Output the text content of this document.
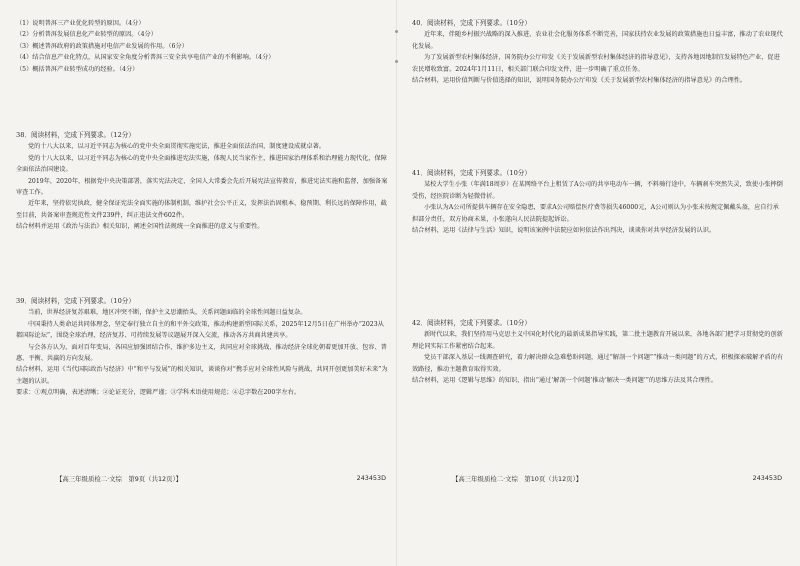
（1）说明普洱三产业优化转型的原因。（4分）

（2）分析普洱发展信息化产业转型的原因。（4分）

（3）概述普洱政府的政策措施对电信产业发展的作用。（6分）

（4）结合信息产业化特点，从国家安全角度分析普洱三安全共享电信产业的不利影响。（4分）

（5）概括普洱产业转型成功的经验。（4分）

38．阅读材料，完成下列要求。（12分）

党的十八大以来，以习近平同志为核心的党中央全面贯彻实施宪法，推进全面依法治国，制度建设成就卓著。

党的十八大以来，以习近平同志为核心的党中央全面推进宪法实施，体现人民当家作主，推进国家治理体系和治理能力现代化，保障全面依法治国建设。

2019年，2020年，根据党中央决策部署，落实宪法决定，全国人大常委会先后开展宪法宣传教育，推进宪法实施和监督，加强备案审查工作。

近年来，坚持依宪执政，健全保证宪法全面实施的体制机制，维护社会公平正义，发挥法治固根本、稳预期、利长远的保障作用，截至目前，共备案审查规范性文件239件，纠正违法文件602件。

结合材料并运用《政治与法治》相关知识，阐述全国性法规统一全面推进的意义与重要性。

39．阅读材料，完成下列要求。（10分）

当前，世界经济复苏艰难，地区冲突不断，保护主义思潮抬头，关系问题面临的全球性问题日益复杂。

中国秉持人类命运共同体理念，坚定奉行独立自主的和平外交政策，推动构建新型国际关系，2025年12月5日在广州举办“2023从都国际论坛”，围绕全球治理、经济复苏、可持续发展等议题展开深入交流，推动各方共商共建共享。

与会各方认为，面对百年变局，各国应加强团结合作，维护多边主义，共同应对全球挑战，推动经济全球化朝着更加开放、包容、普惠、平衡、共赢的方向发展。

结合材料，运用《当代国际政治与经济》中“和平与发展”的相关知识，谈谈你对“携手应对全球性风险与挑战，共同开创更加美好未来”为主题的认识。

要求：①观点明确，表述清晰；②论证充分，逻辑严谨；③学科术语使用规范；④总字数在200字左右。

【高三年级质检二·文综　第9页（共12页）】	243453D

40．阅读材料，完成下列要求。（10分）

近年来，伴随乡村振兴战略的深入推进，农业社会化服务体系不断完善，国家扶持农业发展的政策措施也日益丰富，推动了农业现代化发展。

为了发展新型农村集体经济，国务院办公厅印发《关于发展新型农村集体经济的指导意见》，支持各地因地制宜发展特色产业，促进农民增收致富。2024年1月11日，相关部门联合印发文件，进一步明确了重点任务。

结合材料，运用价值判断与价值选择的知识，说明国务院办公厅印发《关于发展新型农村集体经济的指导意见》的合理性。

41．阅读材料，完成下列要求。（10分）

某校大学生小张（年满18周岁）在某网络平台上租赁了A公司的共享电动车一辆，不料骑行途中，车辆刹车突然失灵，致使小张摔倒受伤，经医院诊断为轻微骨折。

小张认为A公司所提供车辆存在安全隐患，要求A公司赔偿医疗费等损失46000元，A公司则认为小张未按规定佩戴头盔，应自行承担部分责任，双方协商未果，小张遂向人民法院提起诉讼。

结合材料，运用《法律与生活》知识，说明该案例中法院应如何依法作出判决，谈谈你对共享经济发展的认识。

42．阅读材料，完成下列要求。（10分）

新时代以来，我们坚持用马克思主义中国化时代化的最新成果指导实践，第二批主题教育开展以来，各地各部门把学习贯彻党的创新理论同实际工作紧密结合起来。

党员干部深入基层一线调查研究，着力解决群众急难愁盼问题，通过“解剖一个问题”“推动一类问题”的方式，积极探索破解矛盾的有效路径，推动主题教育取得实效。

结合材料，运用《逻辑与思维》的知识，指出“通过‘解剖一个问题’推动‘解决一类问题’”的思维方法及其合理性。

【高三年级质检二·文综　第10页（共12页）】	243453D
